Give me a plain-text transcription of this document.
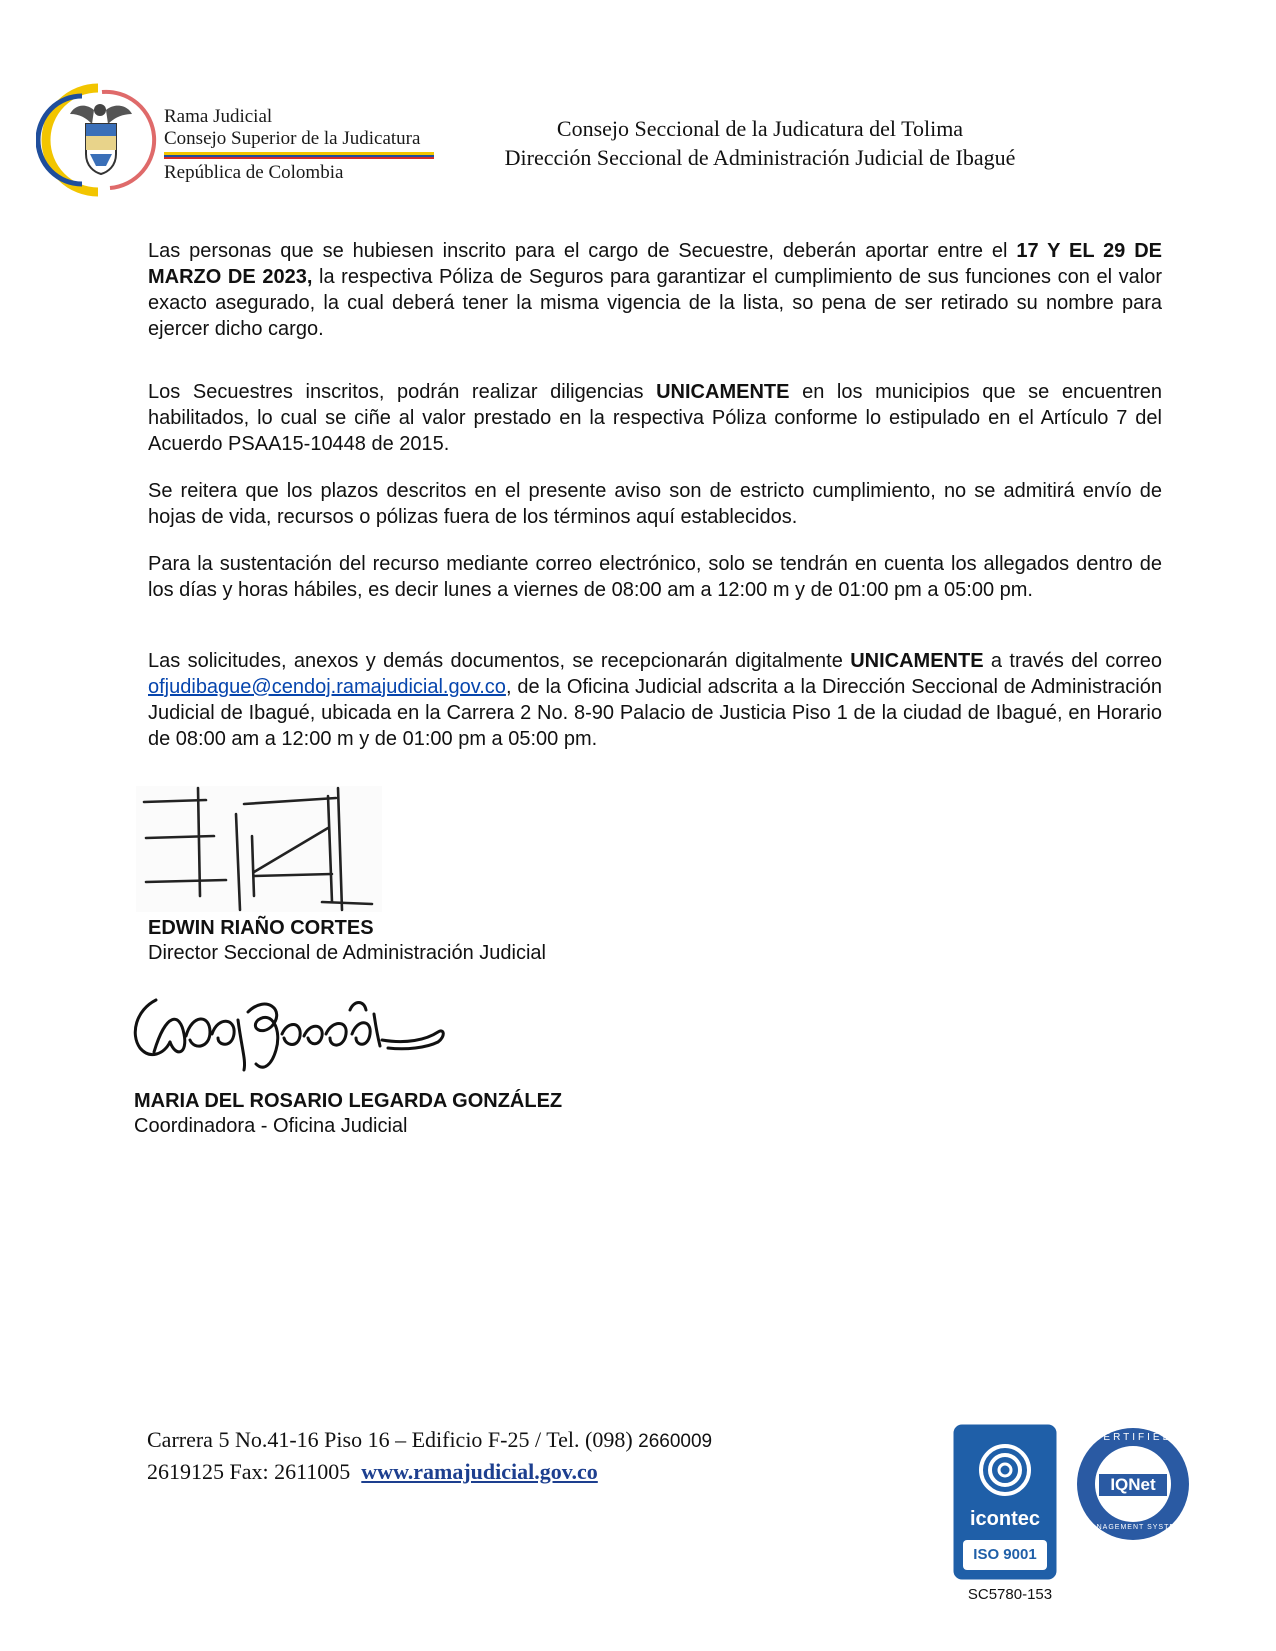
Rama Judicial
Consejo Superior de la Judicatura
República de Colombia
Consejo Seccional de la Judicatura del Tolima
Dirección Seccional de Administración Judicial de Ibagué
Las personas que se hubiesen inscrito para el cargo de Secuestre, deberán aportar entre el 17 Y EL 29 DE MARZO DE 2023, la respectiva Póliza de Seguros para garantizar el cumplimiento de sus funciones con el valor exacto asegurado, la cual deberá tener la misma vigencia de la lista, so pena de ser retirado su nombre para ejercer dicho cargo.
Los Secuestres inscritos, podrán realizar diligencias UNICAMENTE en los municipios que se encuentren habilitados, lo cual se ciñe al valor prestado en la respectiva Póliza conforme lo estipulado en el Artículo 7 del Acuerdo PSAA15-10448 de 2015.
Se reitera que los plazos descritos en el presente aviso son de estricto cumplimiento, no se admitirá envío de hojas de vida, recursos o pólizas fuera de los términos aquí establecidos.
Para la sustentación del recurso mediante correo electrónico, solo se tendrán en cuenta los allegados dentro de los días y horas hábiles, es decir lunes a viernes de 08:00 am a 12:00 m y de 01:00 pm a 05:00 pm.
Las solicitudes, anexos y demás documentos, se recepcionarán digitalmente UNICAMENTE a través del correo ofjudibague@cendoj.ramajudicial.gov.co, de la Oficina Judicial adscrita a la Dirección Seccional de Administración Judicial de Ibagué, ubicada en la Carrera 2 No. 8-90 Palacio de Justicia Piso 1 de la ciudad de Ibagué, en Horario de 08:00 am a 12:00 m y de 01:00 pm a 05:00 pm.
EDWIN RIAÑO CORTES
Director Seccional de Administración Judicial
MARIA DEL ROSARIO LEGARDA GONZÁLEZ
Coordinadora - Oficina Judicial
Carrera 5 No.41-16 Piso 16 – Edificio F-25 / Tel. (098) 2660009
2619125 Fax: 2611005  www.ramajudicial.gov.co
icontec
ISO 9001
CERTIFIED
IQNet
MANAGEMENT SYSTEM
SC5780-153
